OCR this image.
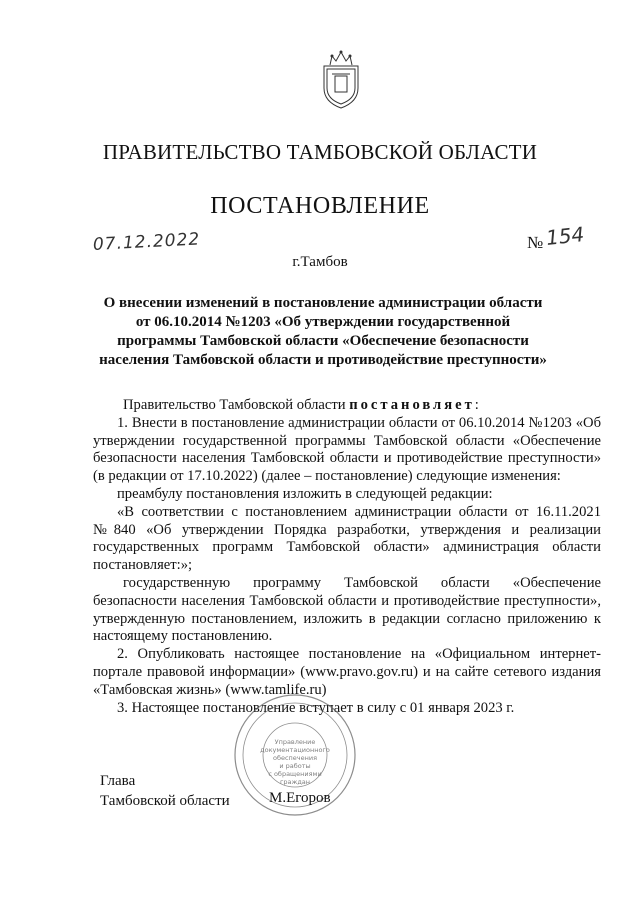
ПРАВИТЕЛЬСТВО ТАМБОВСКОЙ ОБЛАСТИ
ПОСТАНОВЛЕНИЕ
07.12.2022
г.Тамбов
№ 154
О внесении изменений в постановление администрации области от 06.10.2014 №1203 «Об утверждении государственной программы Тамбовской области «Обеспечение безопасности населения Тамбовской области и противодействие преступности»

Правительство Тамбовской области постановляет:

1. Внести в постановление администрации области от 06.10.2014 №1203 «Об утверждении государственной программы Тамбовской области «Обеспечение безопасности населения Тамбовской области и противодействие преступности» (в редакции от 17.10.2022) (далее – постановление) следующие изменения:

преамбулу постановления изложить в следующей редакции:

«В соответствии с постановлением администрации области от 16.11.2021 №840 «Об утверждении Порядка разработки, утверждения и реализации государственных программ Тамбовской области» администрация области постановляет:»;

государственную программу Тамбовской области «Обеспечение безопасности населения Тамбовской области и противодействие преступности», утвержденную постановлением, изложить в редакции согласно приложению к настоящему постановлению.

2. Опубликовать настоящее постановление на «Официальном интернет-портале правовой информации» (www.pravo.gov.ru) и на сайте сетевого издания «Тамбовская жизнь» (www.tamlife.ru)

3. Настоящее постановление вступает в силу с 01 января 2023 г.

Управление
документационного
обеспечения
и работы
с обращениями
граждан
Глава
Тамбовской области	М.Егоров
